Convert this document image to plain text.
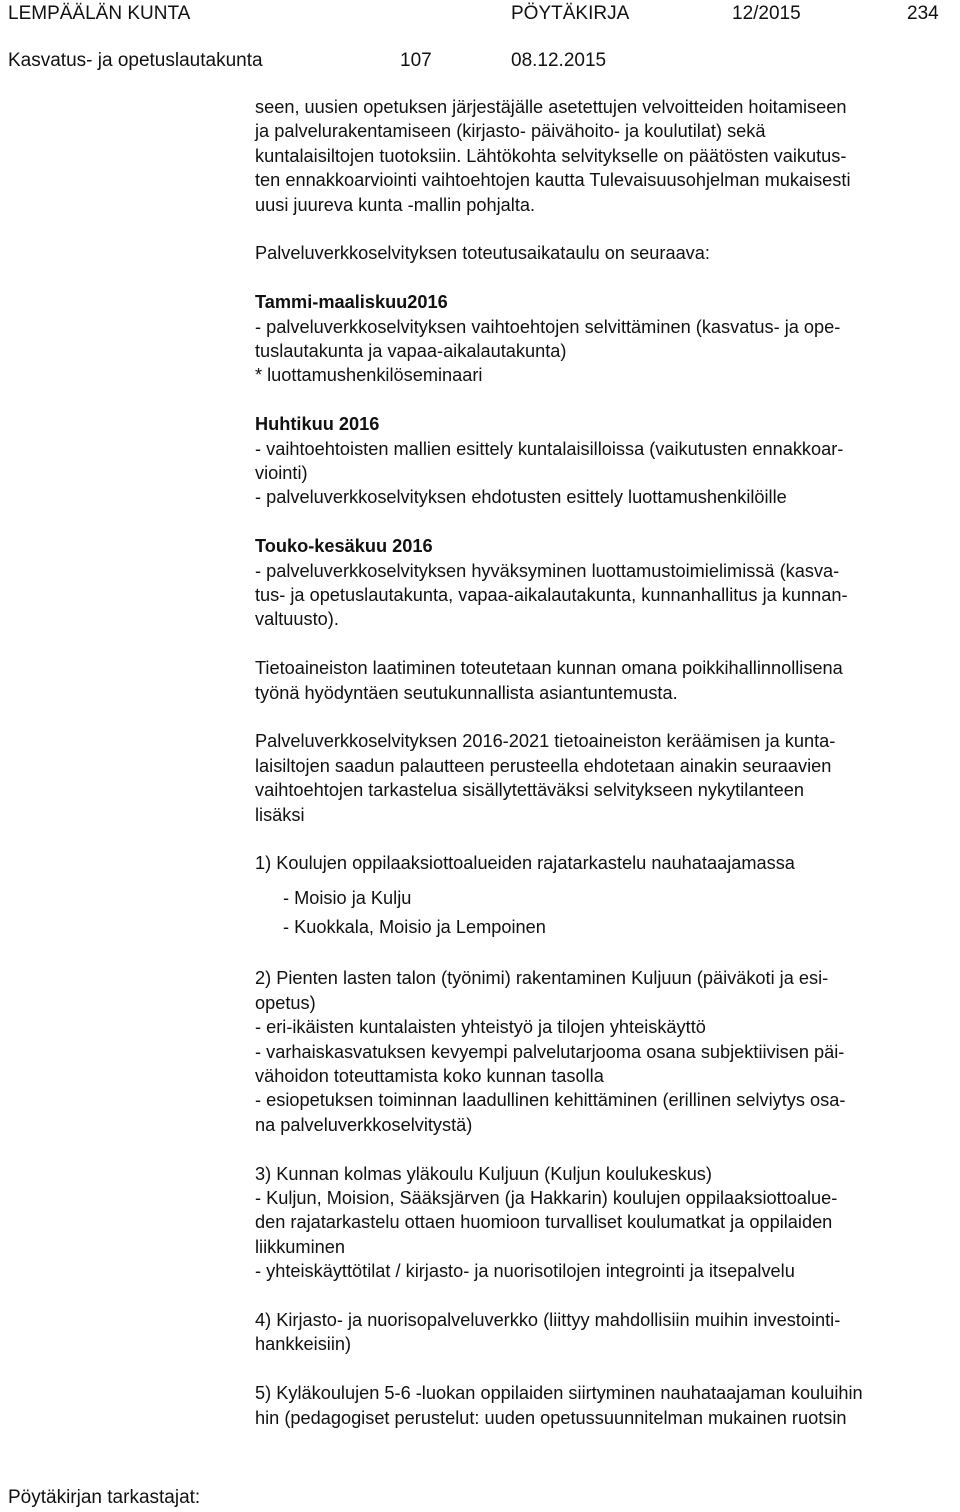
LEMPÄÄLÄN KUNTA	PÖYTÄKIRJA	12/2015	234
Kasvatus- ja opetuslautakunta	107	08.12.2015

seen, uusien opetuksen järjestäjälle asetettujen velvoitteiden hoitamiseen

ja palvelurakentamiseen (kirjasto- päivähoito- ja koulutilat) sekä

kuntalaisiltojen tuotoksiin. Lähtökohta selvitykselle on päätösten vaikutus-

ten ennakkoarviointi vaihtoehtojen kautta Tulevaisuusohjelman mukaisesti

uusi juureva kunta -mallin pohjalta.

Palveluverkkoselvityksen toteutusaikataulu on seuraava:

Tammi-maaliskuu2016

- palveluverkkoselvityksen vaihtoehtojen selvittäminen (kasvatus- ja ope-

tuslautakunta ja vapaa-aikalautakunta)

* luottamushenkilöseminaari

Huhtikuu 2016

- vaihtoehtoisten mallien esittely kuntalaisilloissa (vaikutusten ennakkoar-

viointi)

- palveluverkkoselvityksen ehdotusten esittely luottamushenkilöille

Touko-kesäkuu 2016

- palveluverkkoselvityksen hyväksyminen luottamustoimielimissä (kasva-

tus- ja opetuslautakunta, vapaa-aikalautakunta, kunnanhallitus ja kunnan-

valtuusto).

Tietoaineiston laatiminen toteutetaan kunnan omana poikkihallinnollisena

työnä hyödyntäen seutukunnallista asiantuntemusta.

Palveluverkkoselvityksen 2016-2021 tietoaineiston keräämisen ja kunta-

laisiltojen saadun palautteen perusteella ehdotetaan ainakin seuraavien

vaihtoehtojen tarkastelua sisällytettäväksi selvitykseen nykytilanteen

lisäksi

1) Koulujen oppilaaksiottoalueiden rajatarkastelu nauhataajamassa

- Moisio ja Kulju

- Kuokkala, Moisio ja Lempoinen

2) Pienten lasten talon (työnimi) rakentaminen Kuljuun (päiväkoti ja esi-

opetus)

- eri-ikäisten kuntalaisten yhteistyö ja tilojen yhteiskäyttö

- varhaiskasvatuksen kevyempi palvelutarjooma osana subjektiivisen päi-

vähoidon toteuttamista koko kunnan tasolla

- esiopetuksen toiminnan laadullinen kehittäminen (erillinen selviytys osa-

na palveluverkkoselvitystä)

3) Kunnan kolmas yläkoulu Kuljuun (Kuljun koulukeskus)

- Kuljun, Moision, Sääksjärven (ja Hakkarin) koulujen oppilaaksiottoalue-

den rajatarkastelu ottaen huomioon turvalliset koulumatkat ja oppilaiden

liikkuminen

- yhteiskäyttötilat / kirjasto- ja nuorisotilojen integrointi ja itsepalvelu

4) Kirjasto- ja nuorisopalveluverkko (liittyy mahdollisiin muihin investointi-

hankkeisiin)

5) Kyläkoulujen 5-6 -luokan oppilaiden siirtyminen nauhataajaman kouluihin

hin (pedagogiset perustelut: uuden opetussuunnitelman mukainen ruotsin

Pöytäkirjan tarkastajat:
